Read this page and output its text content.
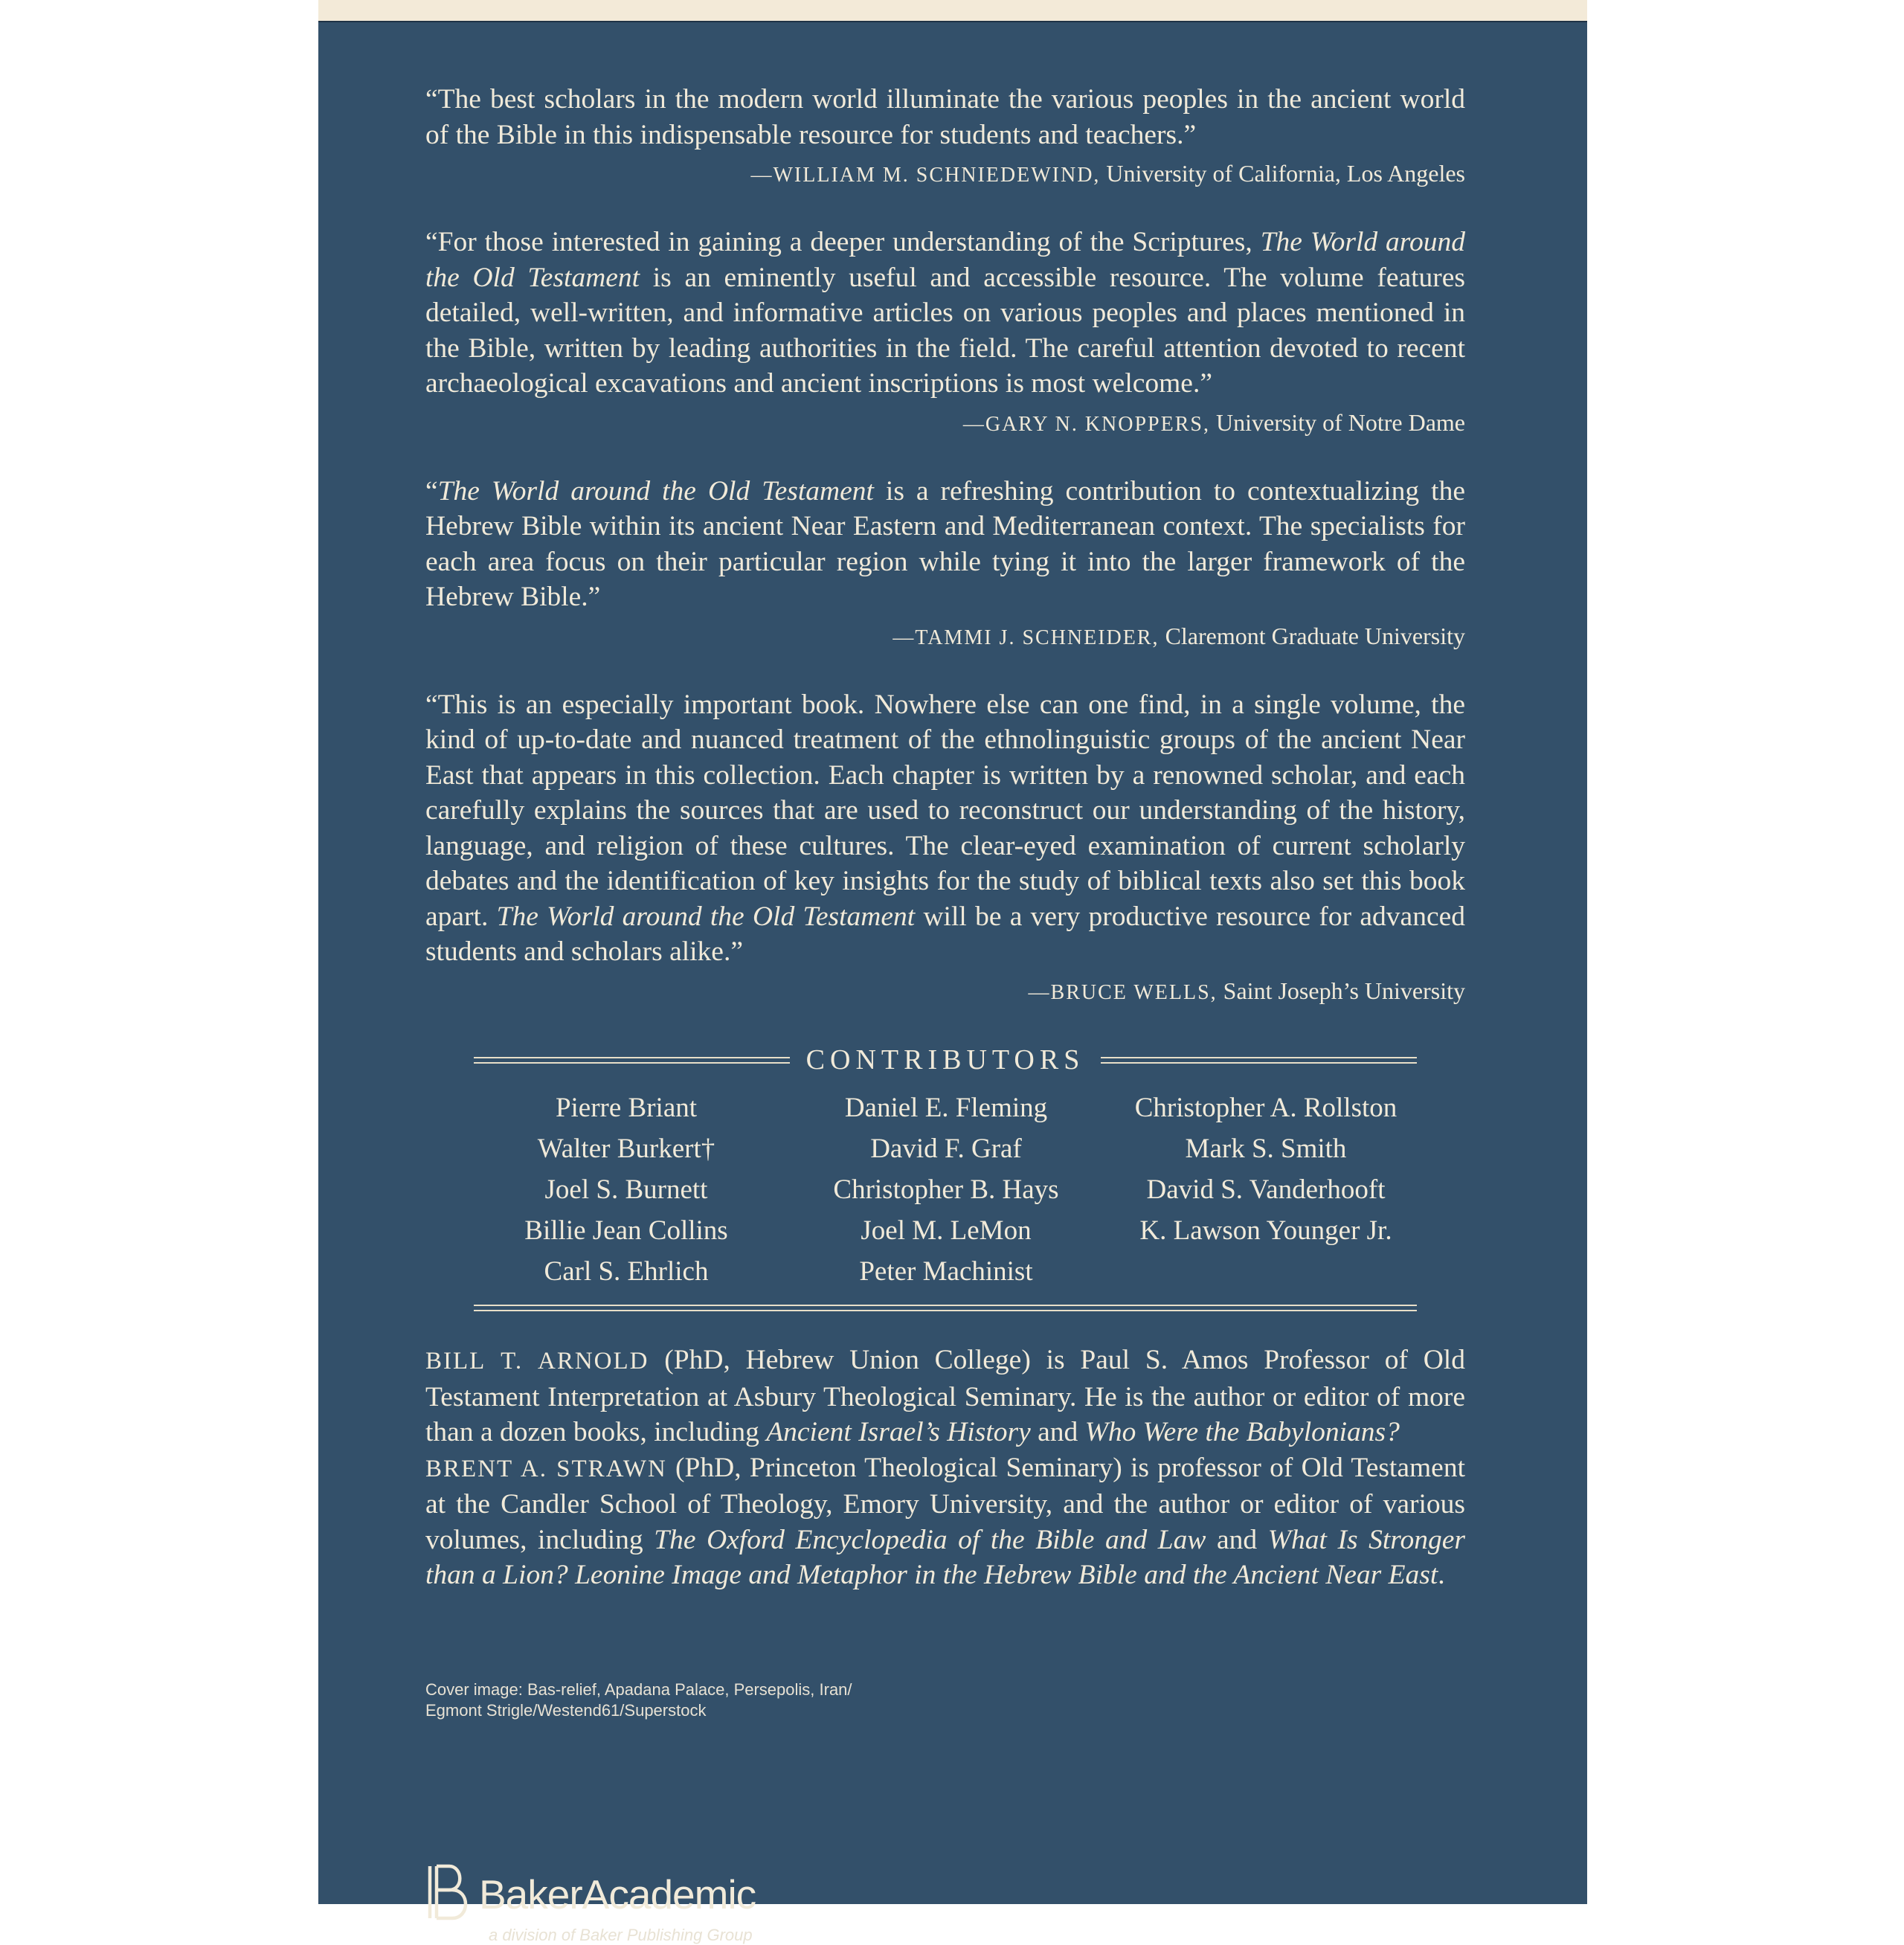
“The best scholars in the modern world illuminate the various peoples in the ancient world of the Bible in this indispensable resource for students and teachers.”

—WILLIAM M. SCHNIEDEWIND, University of California, Los Angeles

“For those interested in gaining a deeper understanding of the Scriptures, The World around the Old Testament is an eminently useful and accessible resource. The volume features detailed, well-written, and informative articles on various peoples and places mentioned in the Bible, written by leading authorities in the field. The careful attention devoted to recent archaeological excavations and ancient inscriptions is most welcome.”

—GARY N. KNOPPERS, University of Notre Dame

“The World around the Old Testament is a refreshing contribution to contextualizing the Hebrew Bible within its ancient Near Eastern and Mediterranean context. The specialists for each area focus on their particular region while tying it into the larger framework of the Hebrew Bible.”

—TAMMI J. SCHNEIDER, Claremont Graduate University

“This is an especially important book. Nowhere else can one find, in a single volume, the kind of up-to-date and nuanced treatment of the ethnolinguistic groups of the ancient Near East that appears in this collection. Each chapter is written by a renowned scholar, and each carefully explains the sources that are used to reconstruct our understanding of the history, language, and religion of these cultures. The clear-eyed examination of current scholarly debates and the identification of key insights for the study of biblical texts also set this book apart. The World around the Old Testament will be a very productive resource for advanced students and scholars alike.”

—BRUCE WELLS, Saint Joseph’s University
CONTRIBUTORS
Pierre Briant
Walter Burkert†
Joel S. Burnett
Billie Jean Collins
Carl S. Ehrlich
Daniel E. Fleming
David F. Graf
Christopher B. Hays
Joel M. LeMon
Peter Machinist
Christopher A. Rollston
Mark S. Smith
David S. Vanderhooft
K. Lawson Younger Jr.

BILL T. ARNOLD (PhD, Hebrew Union College) is Paul S. Amos Professor of Old Testament Interpretation at Asbury Theological Seminary. He is the author or editor of more than a dozen books, including Ancient Israel’s History and Who Were the Babylonians?

BRENT A. STRAWN (PhD, Princeton Theological Seminary) is professor of Old Testament at the Candler School of Theology, Emory University, and the author or editor of various volumes, including The Oxford Encyclopedia of the Bible and Law and What Is Stronger than a Lion? Leonine Image and Metaphor in the Hebrew Bible and the Ancient Near East.

Cover image: Bas-relief, Apadana Palace, Persepolis, Iran/
Egmont Strigle/Westend61/Superstock
BakerAcademic
a division of Baker Publishing Group
